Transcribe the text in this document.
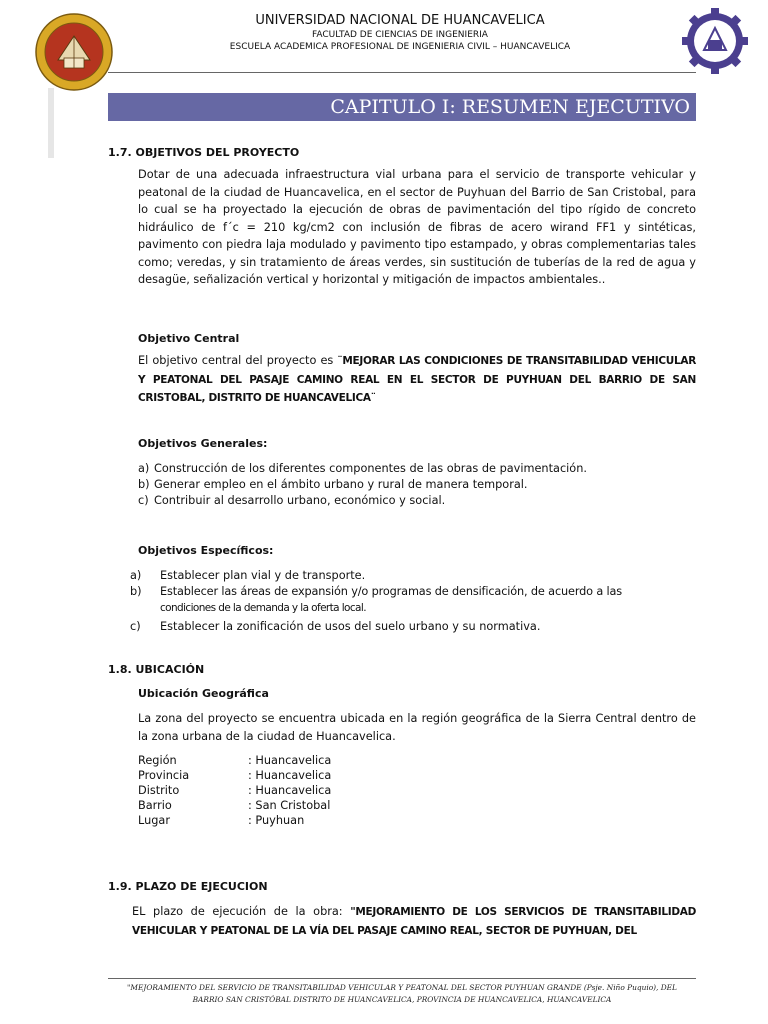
UNIVERSIDAD NACIONAL DE HUANCAVELICA
FACULTAD DE CIENCIAS DE INGENIERIA
ESCUELA ACADEMICA PROFESIONAL DE INGENIERIA CIVIL – HUANCAVELICA
CAPITULO I: RESUMEN EJECUTIVO
1.7. OBJETIVOS DEL PROYECTO
Dotar de una adecuada infraestructura vial urbana para el servicio de transporte vehicular y peatonal de la ciudad de Huancavelica, en el sector de Puyhuan del Barrio de San Cristobal, para lo cual se ha proyectado la ejecución de obras de pavimentación del tipo rígido de concreto hidráulico de f´c = 210 kg/cm2 con inclusión de fibras de acero wirand FF1 y sintéticas, pavimento con piedra laja modulado y pavimento tipo estampado, y obras complementarias tales como; veredas, y sin tratamiento de áreas verdes, sin sustitución de tuberías de la red de agua y desagüe, señalización vertical y horizontal y mitigación de impactos ambientales..
Objetivo Central
El objetivo central del proyecto es ¨MEJORAR LAS CONDICIONES DE TRANSITABILIDAD VEHICULAR Y PEATONAL DEL PASAJE CAMINO REAL EN EL SECTOR DE PUYHUAN DEL BARRIO DE SAN CRISTOBAL, DISTRITO DE HUANCAVELICA¨
Objetivos Generales:
a) Construcción de los diferentes componentes de las obras de pavimentación.
b) Generar empleo en el ámbito urbano y rural de manera temporal.
c) Contribuir al desarrollo urbano, económico y social.
Objetivos Específicos:
a) Establecer plan vial y de transporte.
b) Establecer las áreas de expansión y/o programas de densificación, de acuerdo a las
condiciones de la demanda y la oferta local.
c) Establecer la zonificación de usos del suelo urbano y su normativa.
1.8. UBICACIÓN
Ubicación Geográfica
La zona del proyecto se encuentra ubicada en la región geográfica de la Sierra Central dentro de la zona urbana de la ciudad de Huancavelica.
Región	: Huancavelica
Provincia	: Huancavelica
Distrito	: Huancavelica
Barrio	: San Cristobal
Lugar	: Puyhuan
1.9. PLAZO DE EJECUCION
EL plazo de ejecución de la obra: "MEJORAMIENTO DE LOS SERVICIOS DE TRANSITABILIDAD VEHICULAR Y PEATONAL DE LA VÍA DEL PASAJE CAMINO REAL, SECTOR DE PUYHUAN, DEL
"MEJORAMIENTO DEL SERVICIO DE TRANSITABILIDAD VEHICULAR Y PEATONAL DEL SECTOR PUYHUAN GRANDE (Psje. Niño Puquio), DEL
BARRIO SAN CRISTÓBAL DISTRITO DE HUANCAVELICA, PROVINCIA DE HUANCAVELICA, HUANCAVELICA
